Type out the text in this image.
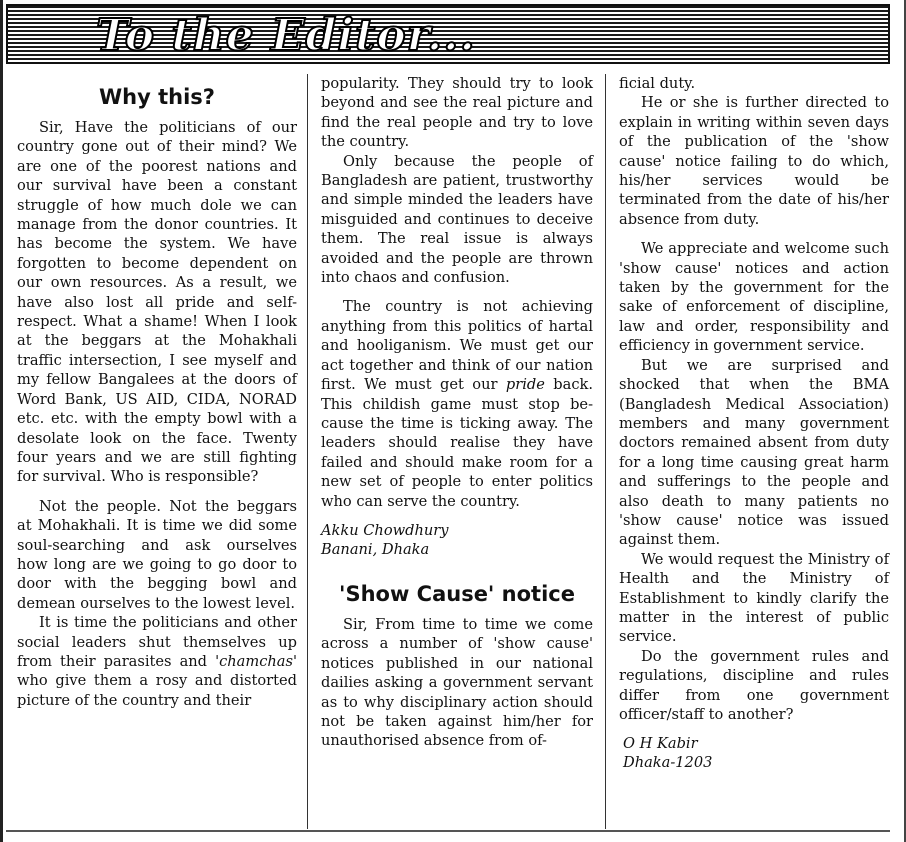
To the Editor...
Why this?

Sir, Have the politicians of our country gone out of their mind? We are one of the poorest nations and our survival have been a constant struggle of how much dole we can manage from the donor countries. It has become the system. We have forgotten to become dependent on our own resources. As a result, we have also lost all pride and self-respect. What a shame! When I look at the beggars at the Mohakhali traffic intersection, I see myself and my fellow Bangalees at the doors of Word Bank, US AID, CIDA, NORAD etc. etc. with the empty bowl with a desolate look on the face. Twenty four years and we are still fighting for survival. Who is responsible?

Not the people. Not the beggars at Mohakhali. It is time we did some soul-searching and ask ourselves how long are we going to go door to door with the begging bowl and demean ourselves to the lowest level.

It is time the politicians and other social leaders shut themselves up from their parasites and 'chamchas' who give them a rosy and distorted picture of the country and their

popularity. They should try to look beyond and see the real picture and find the real people and try to love the country.

Only because the people of Bangladesh are patient, trustworthy and simple minded the leaders have misguided and continues to deceive them. The real issue is always avoided and the people are thrown into chaos and confusion.

The country is not achieving anything from this politics of hartal and hooliganism. We must get our act together and think of our nation first. We must get our pride back. This childish game must stop because the time is ticking away. The leaders should realise they have failed and should make room for a new set of people to enter politics who can serve the country.

Akku Chowdhury
Banani, Dhaka
'Show Cause' notice

Sir, From time to time we come across a number of 'show cause' notices published in our national dailies asking a government servant as to why disciplinary action should not be taken against him/her for unauthorised absence from of-

ficial duty.

He or she is further directed to explain in writing within seven days of the publication of the 'show cause' notice failing to do which, his/her services would be terminated from the date of his/her absence from duty.

We appreciate and welcome such 'show cause' notices and action taken by the government for the sake of enforcement of discipline, law and order, responsibility and efficiency in government service.

But we are surprised and shocked that when the BMA (Bangladesh Medical Association) members and many government doctors remained absent from duty for a long time causing great harm and sufferings to the people and also death to many patients no 'show cause' notice was issued against them.

We would request the Ministry of Health and the Ministry of Establishment to kindly clarify the matter in the interest of public service.

Do the government rules and regulations, discipline and rules differ from one government officer/staff to another?

O H Kabir
Dhaka-1203
